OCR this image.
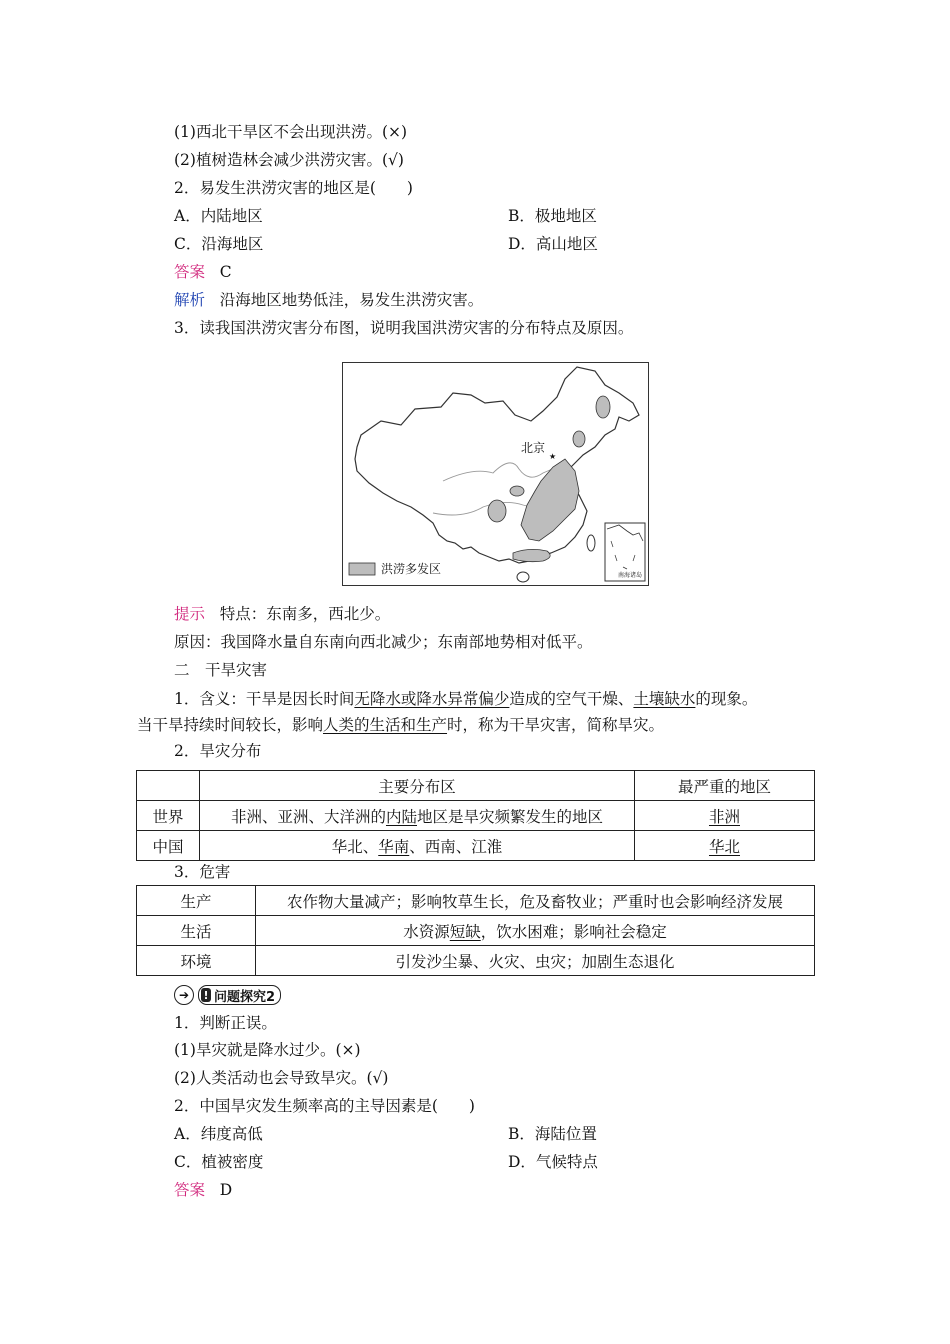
(1)西北干旱区不会出现洪涝。(×)
(2)植树造林会减少洪涝灾害。(√)
2．易发生洪涝灾害的地区是(　　)
A．内陆地区	B．极地地区
C．沿海地区	D．高山地区
答案 C
解析 沿海地区地势低洼，易发生洪涝灾害。
3．读我国洪涝灾害分布图，说明我国洪涝灾害的分布特点及原因。
★
北京
洪涝多发区	南海诸岛
提示 特点：东南多，西北少。
原因：我国降水量自东南向西北减少；东南部地势相对低平。
二　干旱灾害
1．含义：干旱是因长时间无降水或降水异常偏少造成的空气干燥、土壤缺水的现象。
当干旱持续时间较长，影响人类的生活和生产时，称为干旱灾害，简称旱灾。
2．旱灾分布
	主要分布区	最严重的地区
世界	非洲、亚洲、大洋洲的内陆地区是旱灾频繁发生的地区	非洲
中国	华北、华南、西南、江淮	华北
3．危害
生产	农作物大量减产；影响牧草生长，危及畜牧业；严重时也会影响经济发展
生活	水资源短缺，饮水困难；影响社会稳定
环境	引发沙尘暴、火灾、虫灾；加剧生态退化
➔	! 问题探究2
1．判断正误。
(1)旱灾就是降水过少。(×)
(2)人类活动也会导致旱灾。(√)
2．中国旱灾发生频率高的主导因素是(　　)
A．纬度高低	B．海陆位置
C．植被密度	D．气候特点
答案 D
